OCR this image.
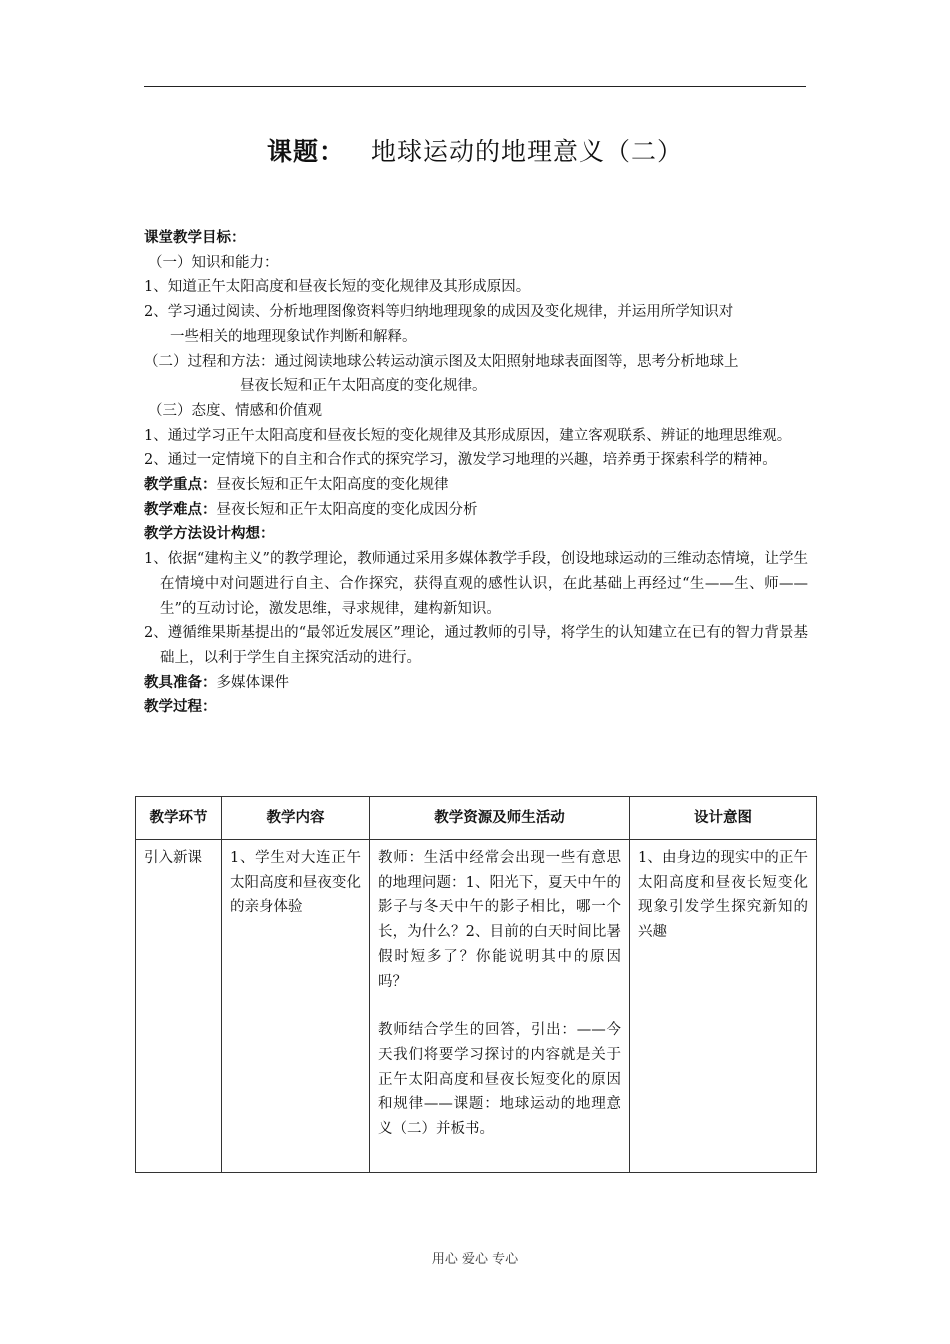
课题： 地球运动的地理意义（二）

课堂教学目标：

（一）知识和能力：

1、知道正午太阳高度和昼夜长短的变化规律及其形成原因。

2、学习通过阅读、分析地理图像资料等归纳地理现象的成因及变化规律，并运用所学知识对

一些相关的地理现象试作判断和解释。

（二）过程和方法：通过阅读地球公转运动演示图及太阳照射地球表面图等，思考分析地球上

昼夜长短和正午太阳高度的变化规律。

（三）态度、情感和价值观

1、通过学习正午太阳高度和昼夜长短的变化规律及其形成原因，建立客观联系、辨证的地理思维观。

2、通过一定情境下的自主和合作式的探究学习，激发学习地理的兴趣，培养勇于探索科学的精神。

教学重点：昼夜长短和正午太阳高度的变化规律

教学难点：昼夜长短和正午太阳高度的变化成因分析

教学方法设计构想：

1、依据“建构主义”的教学理论，教师通过采用多媒体教学手段，创设地球运动的三维动态情境，让学生在情境中对问题进行自主、合作探究，获得直观的感性认识，在此基础上再经过“生——生、师——生”的互动讨论，激发思维，寻求规律，建构新知识。

2、遵循维果斯基提出的“最邻近发展区”理论，通过教师的引导，将学生的认知建立在已有的智力背景基础上，以利于学生自主探究活动的进行。

教具准备：多媒体课件

教学过程：

教学环节	教学内容	教学资源及师生活动	设计意图
引入新课	1、学生对大连正午太阳高度和昼夜变化的亲身体验	教师：生活中经常会出现一些有意思的地理问题：1、阳光下，夏天中午的影子与冬天中午的影子相比，哪一个长，为什么？2、目前的白天时间比暑假时短多了？你能说明其中的原因吗？
教师结合学生的回答，引出：——今天我们将要学习探讨的内容就是关于正午太阳高度和昼夜长短变化的原因和规律——课题：地球运动的地理意义（二）并板书。	1、由身边的现实中的正午太阳高度和昼夜长短变化现象引发学生探究新知的兴趣
用心 爱心 专心
